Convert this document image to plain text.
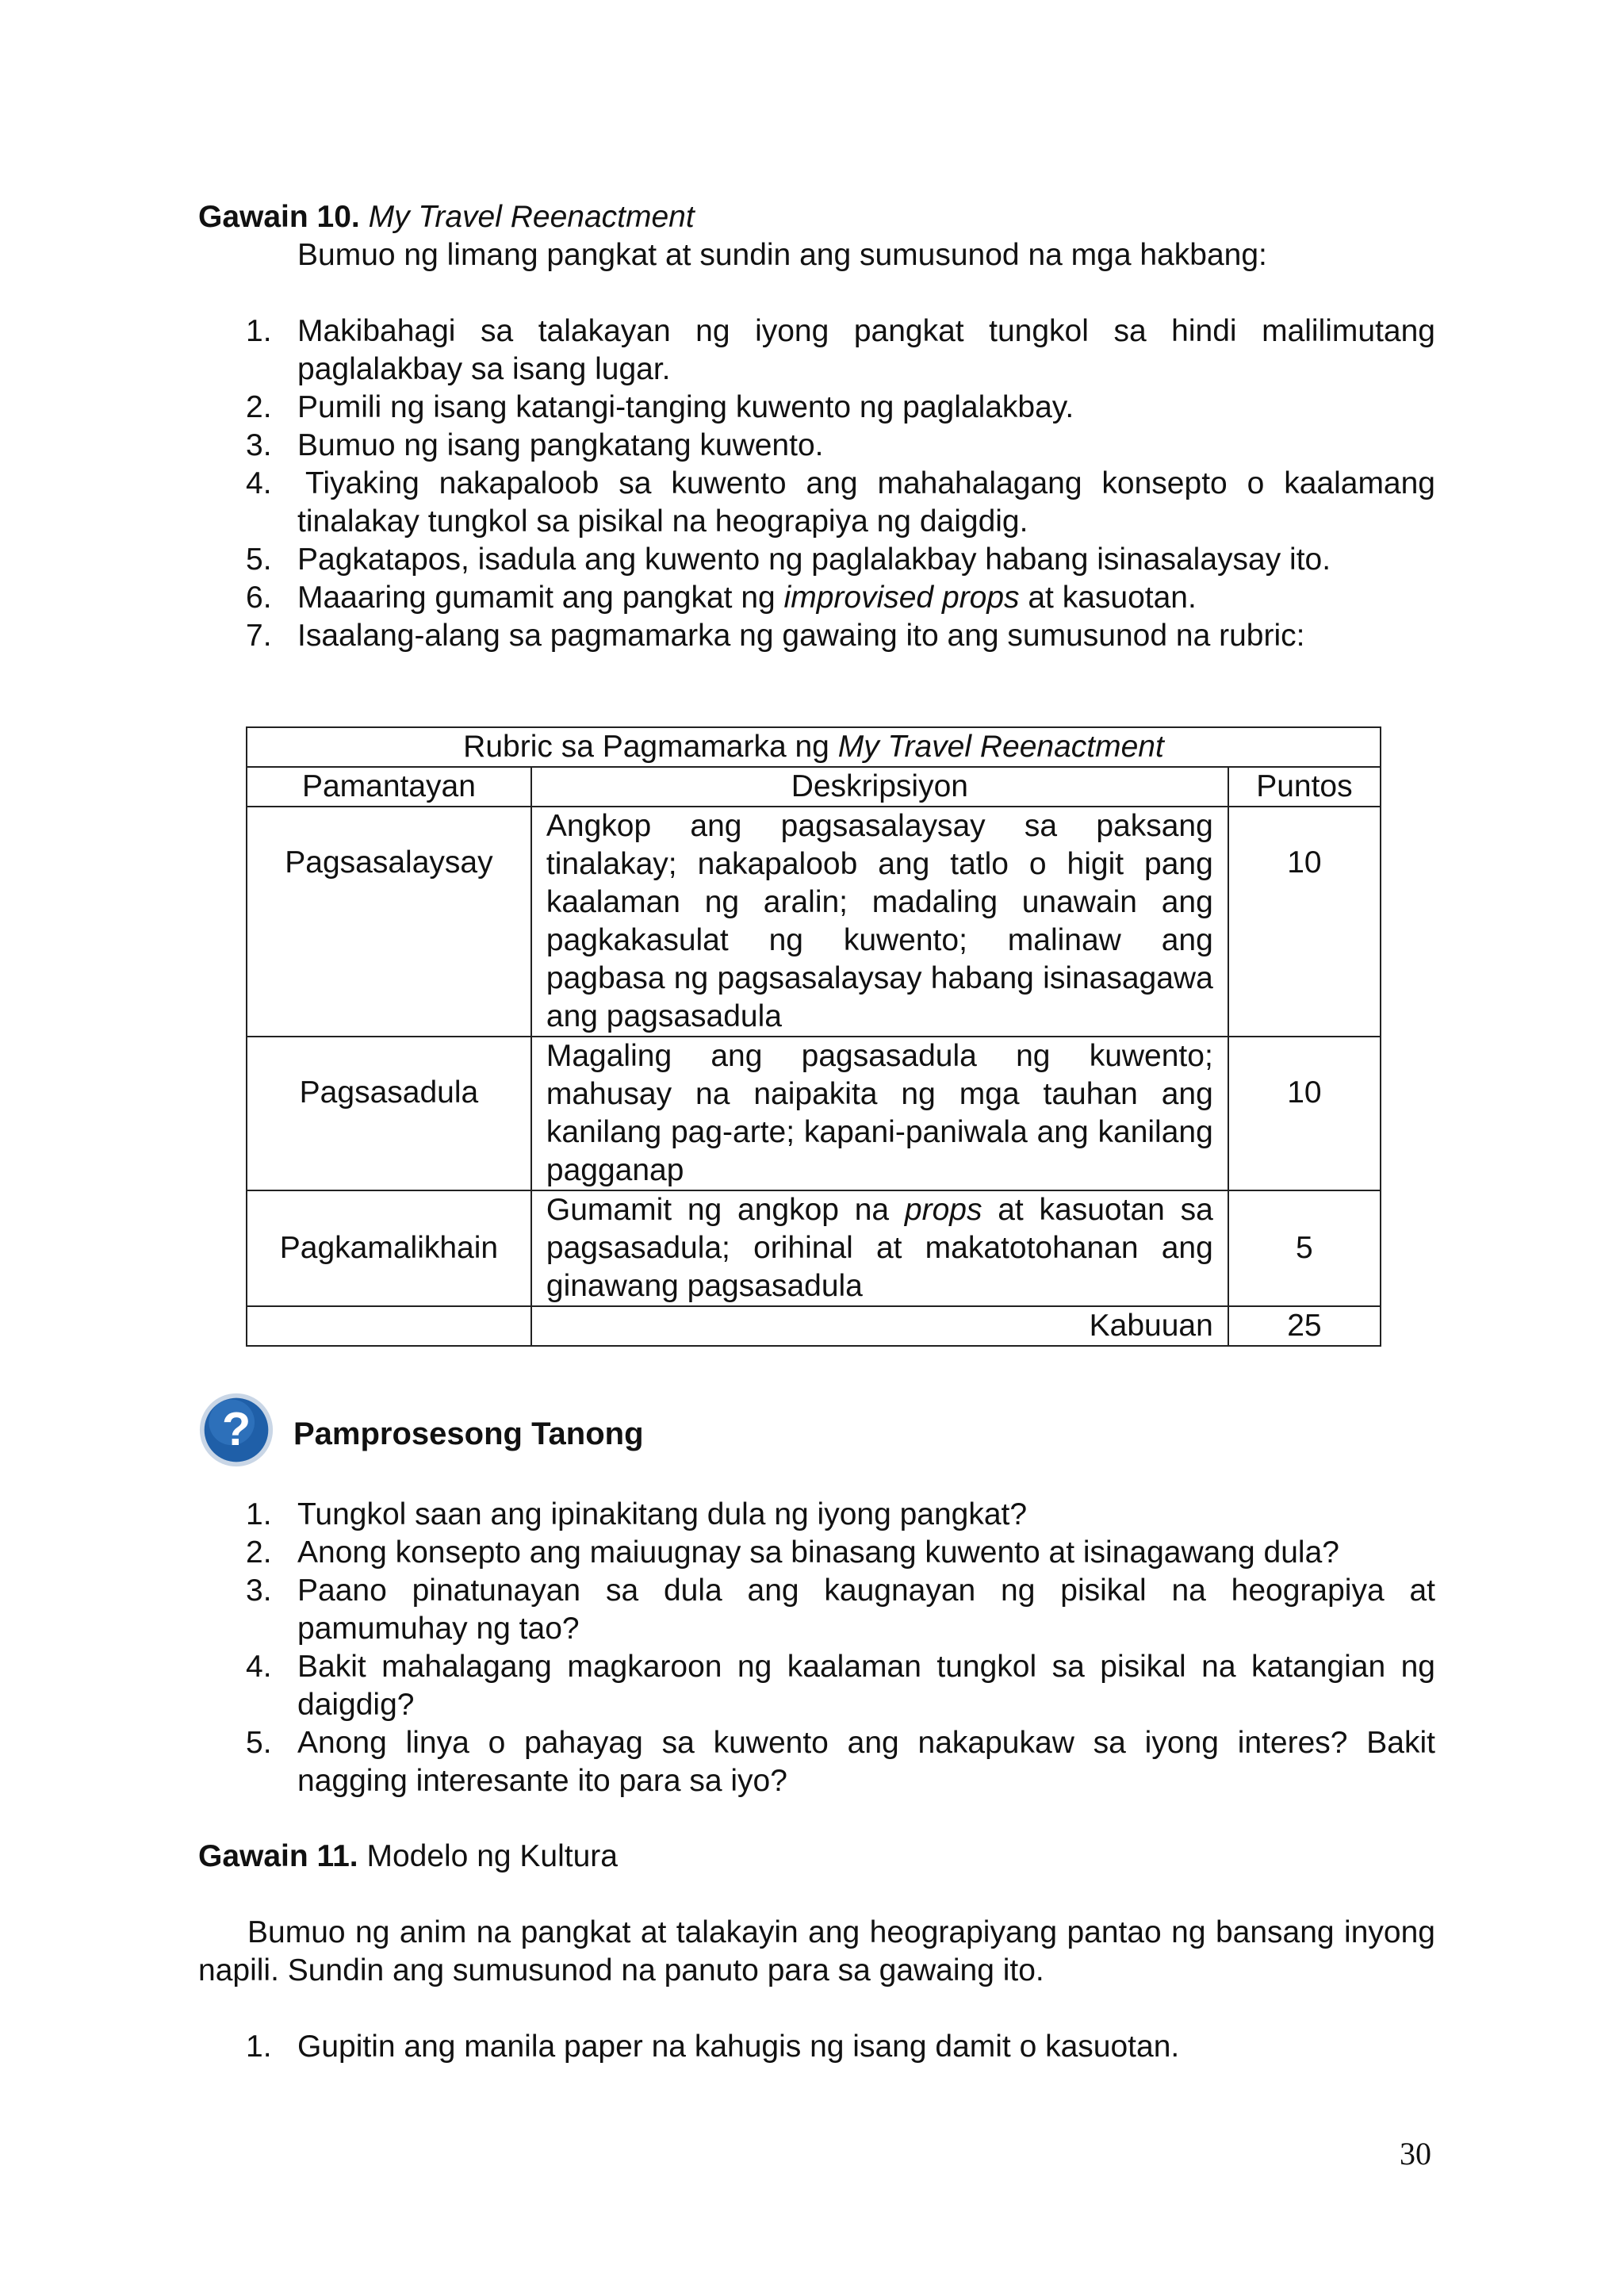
Gawain 10. My Travel Reenactment
Bumuo ng limang pangkat at sundin ang sumusunod na mga hakbang:
1. Makibahagi sa talakayan ng iyong pangkat tungkol sa hindi malilimutang paglalakbay sa isang lugar.
2. Pumili ng isang katangi-tanging kuwento ng paglalakbay.
3. Bumuo ng isang pangkatang kuwento.
4. Tiyaking nakapaloob sa kuwento ang mahahalagang konsepto o kaalamang tinalakay tungkol sa pisikal na heograpiya ng daigdig.
5. Pagkatapos, isadula ang kuwento ng paglalakbay habang isinasalaysay ito.
6. Maaaring gumamit ang pangkat ng improvised props at kasuotan.
7. Isaalang-alang sa pagmamarka ng gawaing ito ang sumusunod na rubric:
Rubric sa Pagmamarka ng My Travel Reenactment		
Pamantayan	Deskripsiyon	Puntos
Pagsasalaysay	Angkop ang pagsasalaysay sa paksang tinalakay; nakapaloob ang tatlo o higit pang kaalaman ng aralin; madaling unawain ang pagkakasulat ng kuwento; malinaw ang pagbasa ng pagsasalaysay habang isinasagawa ang pagsasadula	10
Pagsasadula	Magaling ang pagsasadula ng kuwento; mahusay na naipakita ng mga tauhan ang kanilang pag-arte; kapani-paniwala ang kanilang pagganap	10
Pagkamalikhain	Gumamit ng angkop na props at kasuotan sa pagsasadula; orihinal at makatotohanan ang ginawang pagsasadula	5
	Kabuuan	25
? Pamprosesong Tanong
1. Tungkol saan ang ipinakitang dula ng iyong pangkat?
2. Anong konsepto ang maiuugnay sa binasang kuwento at isinagawang dula?
3. Paano pinatunayan sa dula ang kaugnayan ng pisikal na heograpiya at pamumuhay ng tao?
4. Bakit mahalagang magkaroon ng kaalaman tungkol sa pisikal na katangian ng daigdig?
5. Anong linya o pahayag sa kuwento ang nakapukaw sa iyong interes? Bakit nagging interesante ito para sa iyo?
Gawain 11. Modelo ng Kultura
Bumuo ng anim na pangkat at talakayin ang heograpiyang pantao ng bansang inyong napili. Sundin ang sumusunod na panuto para sa gawaing ito.
1. Gupitin ang manila paper na kahugis ng isang damit o kasuotan.
30
